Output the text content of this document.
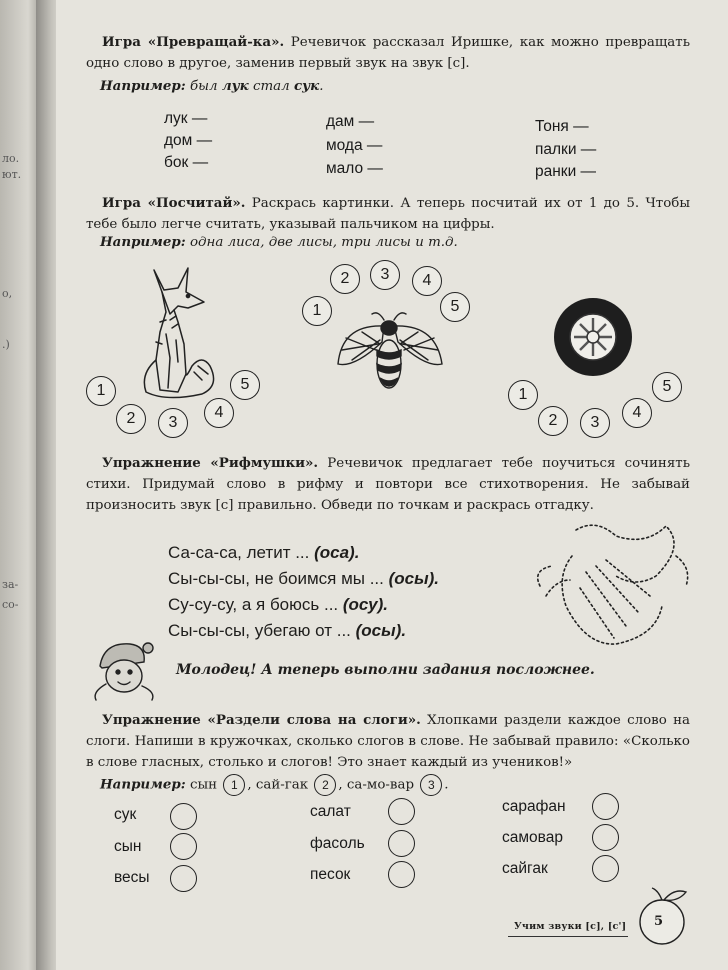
ло.
ют.
о,
.)
за-
со-
Игра «Превращай-ка». Речевичок рассказал Иришке, как можно превращать одно слово в другое, заменив первый звук на звук [с].
Например: был лук стал сук.
лук —
дом —
бок —
дам —
мода —
мало —
Тоня —
палки —
ранки —
Игра «Посчитай». Раскрась картинки. А теперь посчитай их от 1 до 5. Чтобы тебе было легче считать, указывай пальчиком на цифры.
Например: одна лиса, две лисы, три лисы и т.д.
1
2	3
4
5
1
2	3	4
5
1
2	3
4
5
Упражнение «Рифмушки». Речевичок предлагает тебе поучиться сочинять стихи. Придумай слово в рифму и повтори все стихотворения. Не забывай произносить звук [с] правильно. Обведи по точкам и раскрась отгадку.
Са-са-са, летит ... (оса).
Сы-сы-сы, не боимся мы ... (осы).
Су-су-су, а я боюсь ... (осу).
Сы-сы-сы, убегаю от ... (осы).
Молодец! А теперь выполни задания посложнее.
Упражнение «Раздели слова на слоги». Хлопками раздели каждое слово на слоги. Напиши в кружочках, сколько слогов в слове. Не забывай правило: «Сколько в слове гласных, столько и слогов! Это знает каждый из учеников!»
Например: сын 1 , сай-гак 2 , са-мо-вар 3 .
сук
сын
весы
салат
фасоль
песок
сарафан
самовар
сайгак
Учим звуки [с], [с'] 5
